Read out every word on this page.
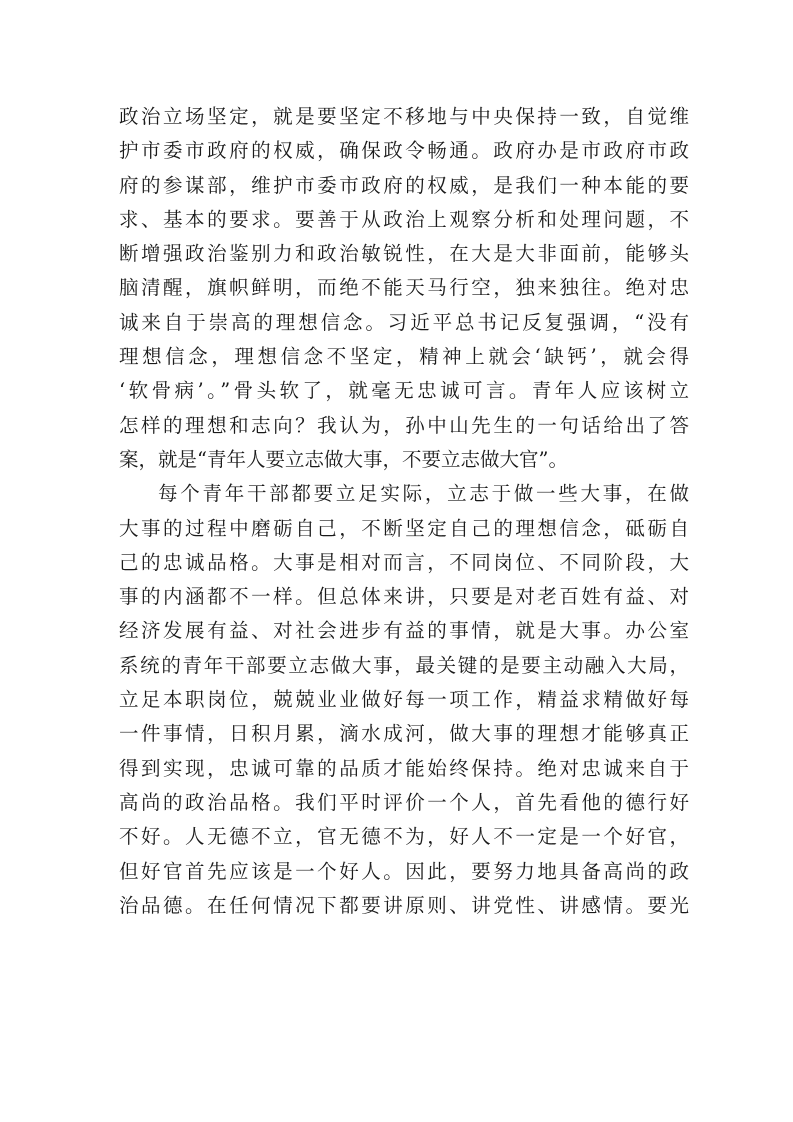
政治立场坚定，就是要坚定不移地与中央保持一致，自觉维
护市委市政府的权威，确保政令畅通。政府办是市政府市政
府的参谋部，维护市委市政府的权威，是我们一种本能的要
求、基本的要求。要善于从政治上观察分析和处理问题，不
断增强政治鉴别力和政治敏锐性，在大是大非面前，能够头
脑清醒，旗帜鲜明，而绝不能天马行空，独来独往。绝对忠
诚来自于崇高的理想信念。习近平总书记反复强调，“没有
理想信念，理想信念不坚定，精神上就会‘缺钙’，就会得
‘软骨病’。”骨头软了，就毫无忠诚可言。青年人应该树立
怎样的理想和志向？我认为，孙中山先生的一句话给出了答
案，就是“青年人要立志做大事，不要立志做大官”。
每个青年干部都要立足实际，立志于做一些大事，在做
大事的过程中磨砺自己，不断坚定自己的理想信念，砥砺自
己的忠诚品格。大事是相对而言，不同岗位、不同阶段，大
事的内涵都不一样。但总体来讲，只要是对老百姓有益、对
经济发展有益、对社会进步有益的事情，就是大事。办公室
系统的青年干部要立志做大事，最关键的是要主动融入大局，
立足本职岗位，兢兢业业做好每一项工作，精益求精做好每
一件事情，日积月累，滴水成河，做大事的理想才能够真正
得到实现，忠诚可靠的品质才能始终保持。绝对忠诚来自于
高尚的政治品格。我们平时评价一个人，首先看他的德行好
不好。人无德不立，官无德不为，好人不一定是一个好官，
但好官首先应该是一个好人。因此，要努力地具备高尚的政
治品德。在任何情况下都要讲原则、讲党性、讲感情。要光
